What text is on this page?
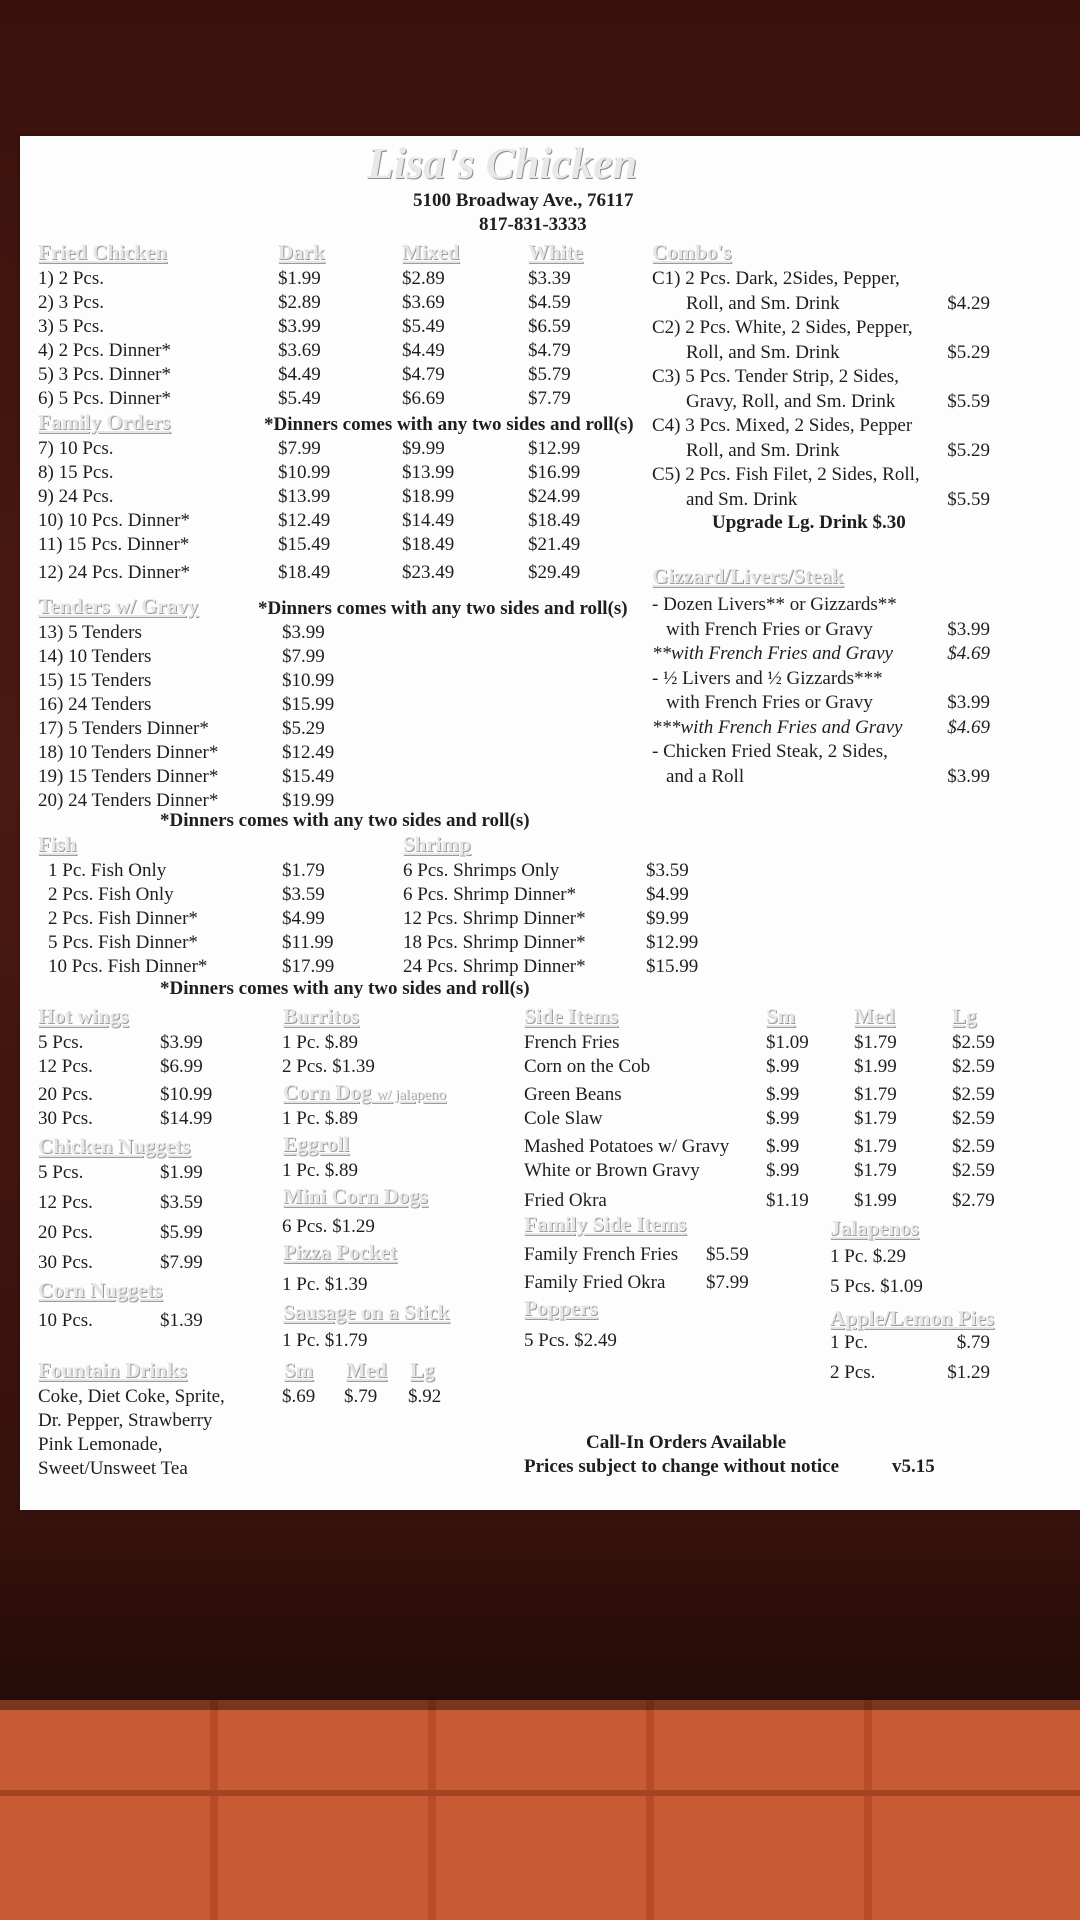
Lisa's Chicken
5100 Broadway Ave., 76117
817-831-3333
Fried Chicken	Dark	Mixed	White
Family Orders	*Dinners comes with any two sides and roll(s)
Tenders w/ Gravy	*Dinners comes with any two sides and roll(s)
*Dinners comes with any two sides and roll(s)
Combo's
Upgrade Lg. Drink $.30
Gizzard/Livers/Steak
Fish	Shrimp
*Dinners comes with any two sides and roll(s)
Hot wings
Chicken Nuggets
Corn Nuggets
10 Pcs.	$1.39
Fountain Drinks
Coke, Diet Coke, Sprite,
Dr. Pepper, Strawberry
Pink Lemonade,
Sweet/Unsweet Tea
Sm Med Lg
$.69 $.79 $.92
Burritos
1 Pc. $.89
2 Pcs. $1.39
Corn Dog w/ jalapeno
1 Pc. $.89
Eggroll
1 Pc. $.89
Mini Corn Dogs
6 Pcs. $1.29
Pizza Pocket
1 Pc. $1.39
Sausage on a Stick
1 Pc. $1.79
Side Items	Sm	Med	Lg
Family Side Items
Family French Fries $5.59
Family Fried Okra $7.99
Poppers
5 Pcs. $2.49
Jalapenos
1 Pc. $.29
5 Pcs. $1.09
Apple/Lemon Pies
1 Pc.	$.79
2 Pcs.	$1.29
Call-In Orders Available
Prices subject to change without notice	v5.15
1) 2 Pcs.	$1.99	$2.89	$3.39
2) 3 Pcs.	$2.89	$3.69	$4.59
3) 5 Pcs.	$3.99	$5.49	$6.59
4) 2 Pcs. Dinner*	$3.69	$4.49	$4.79
5) 3 Pcs. Dinner*	$4.49	$4.79	$5.79
6) 5 Pcs. Dinner*	$5.49	$6.69	$7.79
7) 10 Pcs.	$7.99	$9.99	$12.99
8) 15 Pcs.	$10.99	$13.99	$16.99
9) 24 Pcs.	$13.99	$18.99	$24.99
10) 10 Pcs. Dinner*	$12.49	$14.49	$18.49
11) 15 Pcs. Dinner*	$15.49	$18.49	$21.49
12) 24 Pcs. Dinner*	$18.49	$23.49	$29.49
13) 5 Tenders	$3.99
14) 10 Tenders	$7.99
15) 15 Tenders	$10.99
16) 24 Tenders	$15.99
17) 5 Tenders Dinner*	$5.29
18) 10 Tenders Dinner*	$12.49
19) 15 Tenders Dinner*	$15.49
20) 24 Tenders Dinner*	$19.99
C1) 2 Pcs. Dark, 2Sides, Pepper,
Roll, and Sm. Drink	$4.29
C2) 2 Pcs. White, 2 Sides, Pepper,
Roll, and Sm. Drink	$5.29
C3) 5 Pcs. Tender Strip, 2 Sides,
Gravy, Roll, and Sm. Drink	$5.59
C4) 3 Pcs. Mixed, 2 Sides, Pepper
Roll, and Sm. Drink	$5.29
C5) 2 Pcs. Fish Filet, 2 Sides, Roll,
and Sm. Drink	$5.59
- Dozen Livers** or Gizzards**
with French Fries or Gravy	$3.99
**with French Fries and Gravy	$4.69
- ½ Livers and ½ Gizzards***
with French Fries or Gravy	$3.99
***with French Fries and Gravy	$4.69
- Chicken Fried Steak, 2 Sides,
and a Roll	$3.99
1 Pc. Fish Only	$1.79
2 Pcs. Fish Only	$3.59
2 Pcs. Fish Dinner*	$4.99
5 Pcs. Fish Dinner*	$11.99
10 Pcs. Fish Dinner*	$17.99
6 Pcs. Shrimps Only	$3.59
6 Pcs. Shrimp Dinner*	$4.99
12 Pcs. Shrimp Dinner*	$9.99
18 Pcs. Shrimp Dinner*	$12.99
24 Pcs. Shrimp Dinner*	$15.99
5 Pcs.	$3.99
12 Pcs.	$6.99
20 Pcs.	$10.99
30 Pcs.	$14.99
5 Pcs.	$1.99
12 Pcs.	$3.59
20 Pcs.	$5.99
30 Pcs.	$7.99
French Fries	$1.09 $1.79	$2.59
Corn on the Cob	$.99	$1.99	$2.59
Green Beans	$.99	$1.79	$2.59
Cole Slaw	$.99	$1.79	$2.59
Mashed Potatoes w/ Gravy $.99	$1.79	$2.59
White or Brown Gravy	$.99	$1.79	$2.59
Fried Okra	$1.19 $1.99	$2.79
